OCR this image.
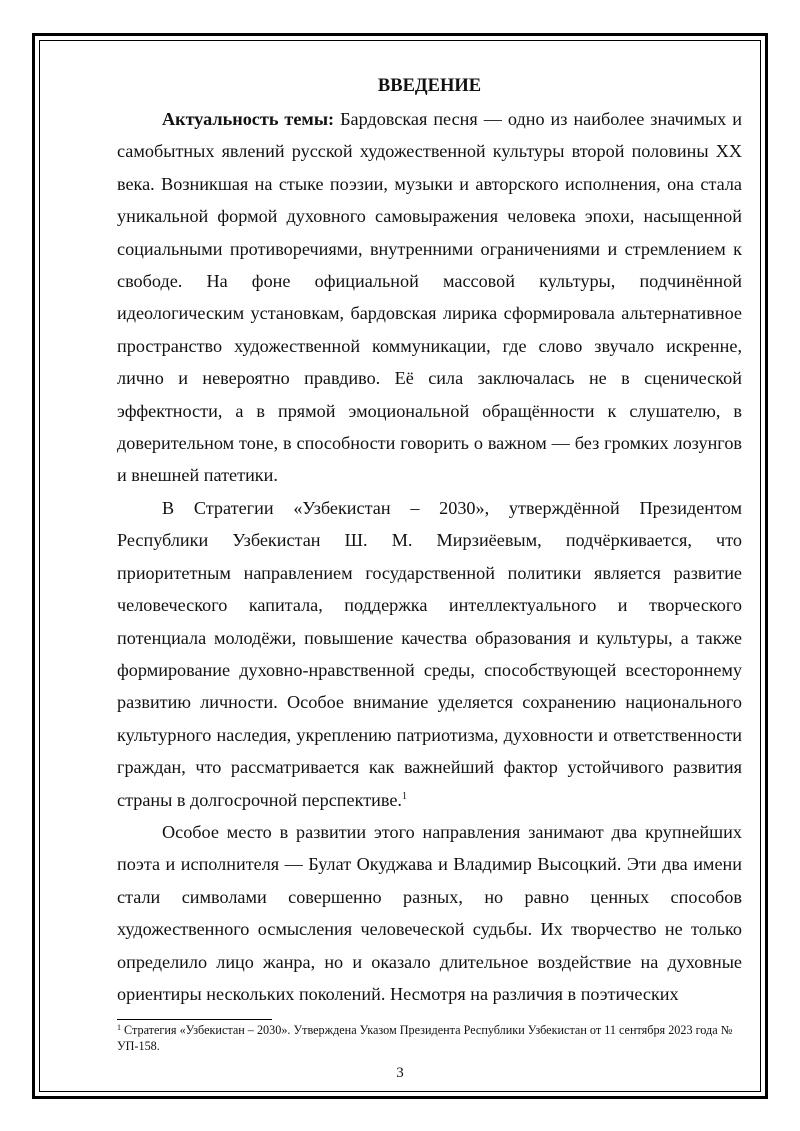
ВВЕДЕНИЕ

Актуальность темы: Бардовская песня — одно из наиболее значимых и самобытных явлений русской художественной культуры второй половины XX века. Возникшая на стыке поэзии, музыки и авторского исполнения, она стала уникальной формой духовного самовыражения человека эпохи, насыщенной социальными противоречиями, внутренними ограничениями и стремлением к свободе. На фоне официальной массовой культуры, подчинённой идеологическим установкам, бардовская лирика сформировала альтернативное пространство художественной коммуникации, где слово звучало искренне, лично и невероятно правдиво. Её сила заключалась не в сценической эффектности, а в прямой эмоциональной обращённости к слушателю, в доверительном тоне, в способности говорить о важном — без громких лозунгов и внешней патетики.

В Стратегии «Узбекистан – 2030», утверждённой Президентом Республики Узбекистан Ш. М. Мирзиёевым, подчёркивается, что приоритетным направлением государственной политики является развитие человеческого капитала, поддержка интеллектуального и творческого потенциала молодёжи, повышение качества образования и культуры, а также формирование духовно-нравственной среды, способствующей всестороннему развитию личности. Особое внимание уделяется сохранению национального культурного наследия, укреплению патриотизма, духовности и ответственности граждан, что рассматривается как важнейший фактор устойчивого развития страны в долгосрочной перспективе.$^1$

Особое место в развитии этого направления занимают два крупнейших поэта и исполнителя — Булат Окуджава и Владимир Высоцкий. Эти два имени стали символами совершенно разных, но равно ценных способов художественного осмысления человеческой судьбы. Их творчество не только определило лицо жанра, но и оказало длительное воздействие на духовные ориентиры нескольких поколений. Несмотря на различия в поэтических

$^1$ Стратегия «Узбекистан – 2030». Утверждена Указом Президента Республики Узбекистан от 11 сентября 2023 года № УП-158.
3
